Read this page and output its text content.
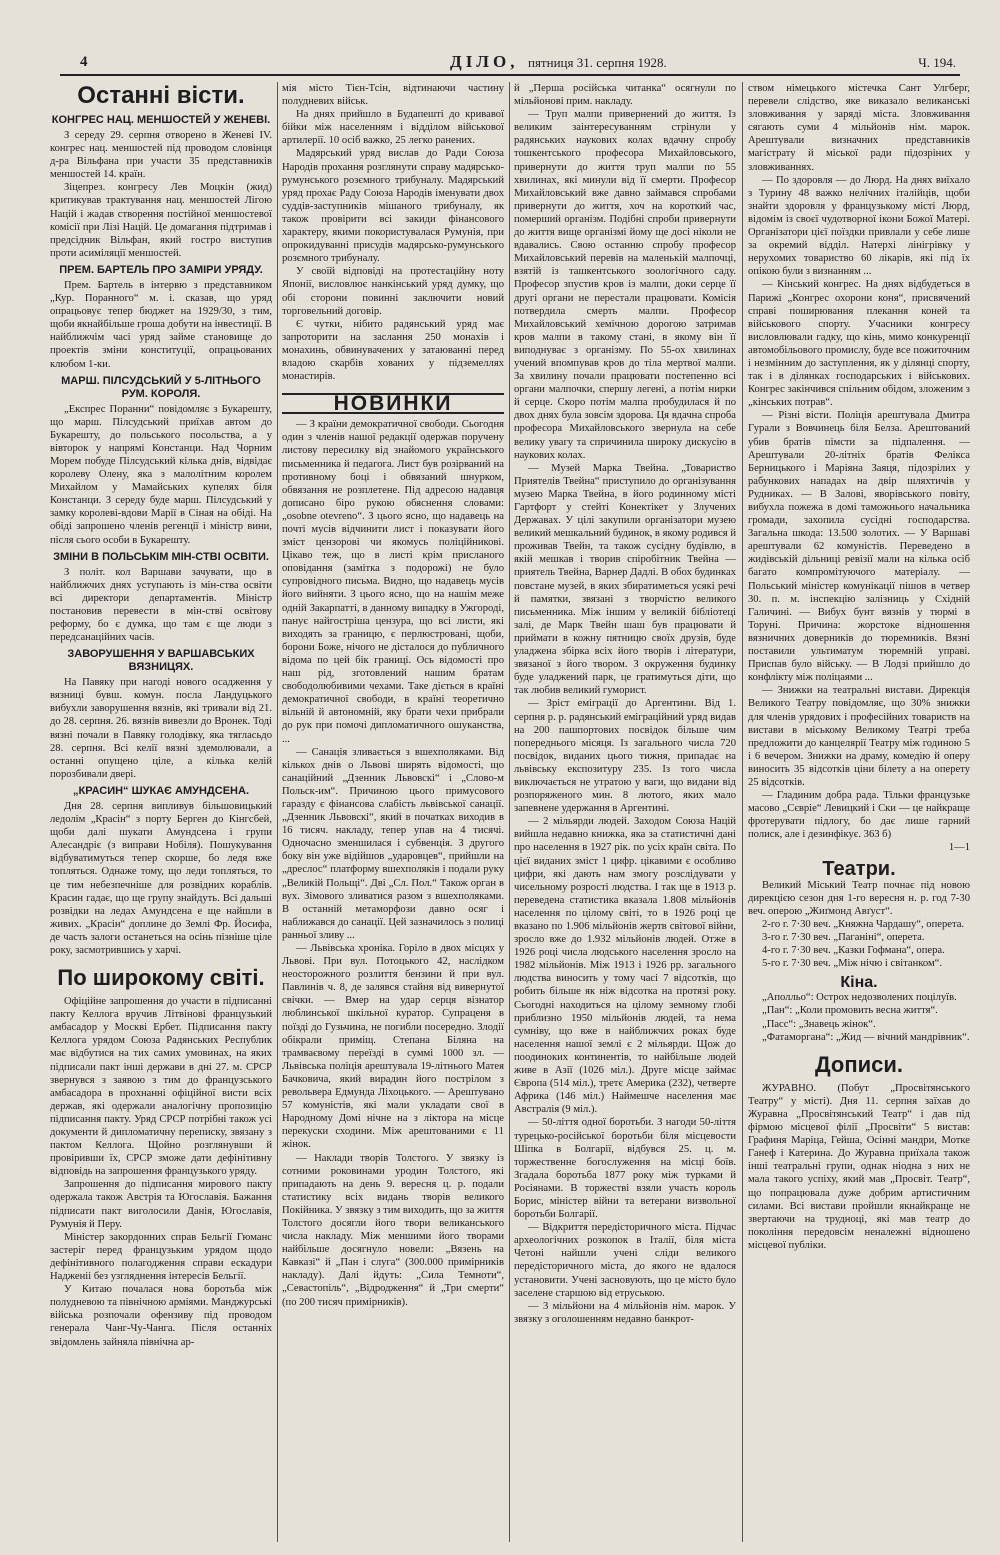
4	ДІЛО, пятниця 31. серпня 1928.	Ч. 194.
Останні вісти.
КОНГРЕС НАЦ. МЕНШОСТЕЙ У ЖЕНЕВІ.

З середу 29. серпня отворено в Женеві IV. конгрес нац. меншостей під проводом словінця д-ра Вільфана при участи 35 представників меншостей 14. країн.

Зіцепрез. конгресу Лев Моцкін (жид) критикував трактування нац. меншостей Лігою Націй і жадав створення постійної меншостевої комісії при Лізі Націй. Це домагання підтримав і предсідник Вільфан, який гостро виступив проти асиміляції меншостей.

ПРЕМ. БАРТЕЛЬ ПРО ЗАМІРИ УРЯДУ.

Прем. Бартель в інтервю з представником „Кур. Поранного“ м. і. сказав, що уряд опрацьовує тепер бюджет на 1929/30, з тим, щоби якнайбільше гроша добути на інвестиції. В найближчім часі уряд займе становище до проектів зміни конституції, опрацьованих клюбом 1-ки.

МАРШ. ПІЛСУДСЬКИЙ У 5-ЛІТНЬОГО РУМ. КОРОЛЯ.

„Експрес Поранни“ повідомляє з Букарешту, що марш. Пілсудський приїхав автом до Букарешту, до польського посольства, а у вівторок у напрямі Констанци. Над Чорним Морем побуде Пілсудський кілька днів, відвідає королеву Олену, яка з малолітним королем Михайлом у Мамайських купелях біля Констанци. З середу буде марш. Пілсудський у замку королеві-вдови Марії в Сіная на обіді. На обіді запрошено членів регенції і міністр вини, після сього особи в Букарешту.

ЗМІНИ В ПОЛЬСЬКІМ МІН-СТВІ ОСВІТИ.

З політ. кол Варшави зачувати, що в найближчих днях уступають із мін-ства освіти всі директори департаментів. Міністр постановив перевести в мін-стві освітову реформу, бо є думка, що там є ще люди з передсанаційних часів.

ЗАВОРУШЕННЯ У ВАРШАВСЬКИХ ВЯЗНИЦЯХ.

На Павяку при нагоді нового осадження у вязниці бувш. комун. посла Ландуцького вибухли заворушення вязнів, які тривали від 21. до 28. серпня. 26. вязнів вивезли до Вронек. Тоді вязні почали в Павяку голодівку, яка тягласьдо 28. серпня. Всі келії вязні здемолювали, а останні опущено ціле, а кілька келій порозбивали двері.

„КРАСИН“ ШУКАЄ АМУНДСЕНА.

Дня 28. серпня випливув більшовицький ледолім „Красін“ з порту Берген до Кінгсбей, щоби далі шукати Амундсена і групи Алесандріє (з виправи Нобіля). Пошукування відбуватимуться тепер скорше, бо ледя вже топляться. Однаже тому, що леди топляться, то це тим небезпечніше для розвідних кораблів. Красин гадає, що ще групу знайдуть. Всі дальші розвідки на ледах Амундсена е ще найшли в живих. „Красін“ доплине до Землі Фр. Йосифа, де часть залоги останеться на осінь пізніше ціле року, засмотрившись у харчі.

По широкому світі.

Офіційне запрошення до участи в підписанні пакту Келлога вручив Літвінові французький амбасадор у Москві Ербет. Підписання пакту Келлога урядом Союза Радянських Республик має відбутися на тих самих умовинах, на яких підписали пакт інші держави в дні 27. м. СРСР звернувся з заявою з тим до французського амбасадора в прохнанні офіційної висти всіх держав, які одержали аналогічну пропозицію підписання пакту. Уряд СРСР потрібні також усі документи й дипломатичну переписку, звязану з пактом Келлога. Щойно розглянувши й провіривши їх, СРСР зможе дати дефінітивну відповідь на запрошення французького уряду.

Запрошення до підписання мирового пакту одержала також Австрія та Югославія. Бажання підписати пакт виголосили Данія, Югославія, Румунія й Перу.

Міністер закордонних справ Бельгії Гюманс застеріг перед французьким урядом щодо дефінітивного полагодження справи ескадури Надженіі без узгляднення інтересів Бельгії.

У Китаю почалася нова боротьба між полудневою та північною арміями. Манджурські війська розпочали офензиву під проводом генерала Чанг-Чу-Чанга. Після останніх звідомлень зайняла північна ар-

мія місто Тієн-Тсін, відтинаючи частину полудневих військ.

На днях прийшло в Будапешті до кривавої бійки між населенням і відділом військової артилерії. 10 осіб важко, 25 легко ранених.

Мадярський уряд вислав до Ради Союза Народів прохання розглянути справу мадярсько-румунського розємного трибуналу. Мадярський уряд прохає Раду Союза Народів іменувати двох суддів-заступників мішаного трибуналу, як також провірити всі закиди фінансового характеру, якими покористувалася Румунія, при опрокидуванні присудів мадярсько-румунського розємного трибуналу.

У своїй відповіді на протестаційну ноту Японії, висловлює нанкінський уряд думку, що обі сторони повинні заключити новий торговельний договір.

Є чутки, нібито радянський уряд має запроторити на заслання 250 монахів і монахинь, обвинувачених у затаюванні перед владою скарбів хованих у підземеллях монастирів.

НОВИНКИ

— З країни демократичної свободи. Сьогодня один з членів нашої редакції одержав поручену листову пересилку від знайомого українського письменника й педагога. Лист був розірваний на противному боці і обвязаний шнурком, обвязання не розплетене. Під адресою надавця дописано біро рукою обяснення словами: „osobne otevrenо“. З цього ясно, що надавець на почті мусів відчинити лист і показувати його зміст цензорові чи якомусь поліційникові. Цікаво теж, що в листі крім присланого оповідання (замітка з подорожі) не було супровідного письма. Видно, що надавець мусів його вийняти. З цього ясно, що на нашім меже одній Закарпатті, в данному випадку в Ужгороді, панує найгостріша цензура, що всі листи, які виходять за границю, є перлюстровані, щоби, борони Боже, нічого не дісталося до публичного відома по цей бік границі. Ось відомості про наш рід, зготовлений нашим братам свободолюбивими чехами. Таке діється в країні демократичної свободи, в країні теоретично вільній й автономній, яку брати чехи прибрали до рук при помочі дипломатичного ошуканства, ...

— Санація зливається з вшехполяками. Від кількох днів о Львові ширять відомості, що санаційний „Дзенник Львовскі“ і „Слово-м Польск-им“. Причиною цього примусового гаразду є фінансова слабість львівської санації. „Дзенник Львовскі“, який в початках виходив в 16 тисяч. накладу, тепер упав на 4 тисячі. Одночасно зменшилася і субвенція. З другого боку він уже відійшов „ударовцев“, прийшли на „дреслос“ платформу вшехполяків і подали руку „Великій Польщі“. Дві „Сл. Пол.“ Також орган в вух. Зімового зливатися разом з вшехполяками. В останній метаморфози давно осяг і наближався до санації. Цей зазначилось з полиці ранньої зливу ...

— Львівська хроніка. Горіло в двох місцях у Львові. При вул. Потоцького 42, наслідком неосторожного розлиття бензини й при вул. Павлинів ч. 8, де залявся стайня від вивернутої свічки. — Вмер на удар серця візнатор люблинської шкільної куратор. Супраценя в поїзді до Гузьчина, не погибли посередно. Злодії обікрали приміщ. Степана Біляна на трамваєвому переїзді в суммі 1000 зл. — Львівська поліція арештувала 19-літнього Матея Бачковича, який вирадин його пострілом з револьвера Едмунда Ліхоцького. — Арештувано 57 комуністів, які мали укладати свої в Народному Домі нічне на з ліктора на місце перекуски сходини. Між арештованими є 11 жінок.

— Наклади творів Толстого. У звязку із сотними роковинами уродин Толстого, які припадають на день 9. вересня ц. р. подали статистику всіх видань творів великого Покійника. У звязку з тим виходить, що за життя Толстого досягли його твори великанського числа накладу. Між меншими його творами найбільше досягнуло новели: „Вязень на Кавказі“ й „Пан і слуга“ (300.000 примірників накладу). Далі йдуть: „Сила Темноти“, „Севастопіль“, „Відродження“ й „Три смерти“ (по 200 тисяч примірників).

й „Перша російська читанка“ осягнули по мільйонові прим. накладу.

— Труп малпи привернений до життя. Із великим заінтересуванням стрінули у радянських наукових колах вдачну спробу тошкентського професора Михайловського, привернути до життя труп малпи по 55 хвилинах, які минули від її смерти. Професор Михайловський вже давно займався спробами привернути до життя, хоч на короткий час, померший організм. Подібні спроби привернути до життя вище організмі йому ще досі ніколи не вдавались. Свою останню спробу професор Михайловський перевів на маленькій малпочці, взятій із ташкентського зоологічного саду. Професор зпустив кров із малпи, доки серце її другі органи не перестали працювати. Комісія потвердила смерть малпи. Професор Михайловський хемічною дорогою затримав кров малпи в такому стані, в якому він її виподнуває з організму. По 55-ох хвилинах учений впомпував кров до тіла мертвої малпи. За хвилину почали працювати постепенно всі органи малпочки, спершу легені, а потім нирки й серце. Скоро потім малпа пробудилася й по двох днях була зовсім здорова. Ця вдачна спроба професора Михайловського звернула на себе велику увагу та спричинила широку дискусію в наукових колах.

— Музей Марка Твейна. „Товариство Приятелів Твейна“ приступило до організування музею Марка Твейна, в його родинному місті Гартфорт у стейті Конектікет у Злучених Державах. У цілі закупили організатори музею великий мешкальний будинок, в якому родився й проживав Твейн, та також сусідну будівлю, в якій мешкав і творив спіробітник Твейна — приятель Твейна, Варнер Дадлі. В обох будинках повстане музей, в яких збиратиметься усякі речі й памятки, звязані з творчістю великого письменника. Між іншим у великій бібліотеці залі, де Марк Твейн шаш був працювати й приймати в кожну пятницю своїх друзів, буде уладжена збірка всіх його творів і літератури, звязаної з його твором. З окруження будинку буде уладжений парк, це гратимуться діти, що так любив великий гуморист.

— Зріст еміграції до Аргентини. Від 1. серпня р. р. радянський еміграційний уряд видав на 200 пашпортових посвідок більше чим попереднього місяця. Із загального числа 720 посвідок, виданих цього тижня, припадає на львівську експозитуру 235. Із того числа виключається не утратою у ваги, що видани від розпоряженого мин. 8 лютого, яких мало запевнене удержання в Аргентині.

— 2 мільярди людей. Заходом Союза Націй вийшла недавно книжка, яка за статистичні дані про населення в 1927 рік. по усіх країн світа. По цієї виданих зміст 1 цифр. цікавими є особливо цифри, які дають нам змогу розслідувати у чисельному розрості людства. І так ще в 1913 р. переведена статистика вказала 1.808 мільйонів населення по цілому світі, то в 1926 році це вказано по 1.906 мільйонів жертв світової війни, зросло вже до 1.932 мільйонів людей. Отже в 1926 році числа людського населення зросло на 1982 мільйонів. Між 1913 і 1926 рр. загального людства виносить у тому часі 7 відсотків, що робить більше як ніж відсотка на протязі року. Сьогодні находиться на цілому земному глобі приблизно 1950 мільйонів людей, та нема сумніву, що вже в найближчих роках буде населення нашої землі є 2 мільярди. Щож до поодиноких континентів, то найбільше людей живе в Азії (1026 міл.). Друге місце займає Європа (514 міл.), третє Америка (232), четверте Африка (146 міл.) Наймешче населення має Австралія (9 міл.).

— 50-ліття одної боротьби. З нагоди 50-ліття турецько-російської боротьби біля місцевости Шіпка в Болгарії, відбувся 25. ц. м. торжественне богослуження на місці боїв. Згадала боротьба 1877 року між турками й Росіянами. В торжестві взяли участь король Борис, міністер війни та ветерани визвольної боротьби Болгарії.

— Відкриття передісторичного міста. Підчас археологічних розкопок в Італії, біля міста Четоні найшли учені сліди великого передісторичного міста, до якого не вдалося установити. Учені засновують, що це місто було заселене старшою від етруською.

— 3 мільйони на 4 мільйонів нім. марок. У звязку з оголошенням недавно банкрот-

ством німецького містечка Сант Улгберг, перевели слідство, яке виказало великанські зловживання у заряді міста. Зловживання сягають суми 4 мільйонів нім. марок. Арештували визначних представників магістрату й міської ради підозріних у зловживаннях.

— По здоровля — до Люрд. На днях виїхало з Турину 48 важко нелічних італійців, щоби знайти здоровля у французькому місті Люрд, відомім із своєї чудотворної ікони Божої Матері. Організатори цієї поїздки привлали у себе лише за окремий відділ. Натерхі лінігрівку у нерухомих товариство 60 лікарів, які під їх опікою були з визнанням ...

— Кінський конгрес. На днях відбудеться в Парижі „Конгрес охорони коня“, присвячений справі поширювання плекання коней та військового спорту. Учасники конгресу висловлювали гадку, що кінь, мимо конкуренції автомобільового промислу, буде все пожиточним і незмінним до заступлення, як у ділянці спорту, так і в ділянках господарських і військових. Конгрес закінчився спільним обідом, зложеним з „кінських потрав“.

— Різні вісти. Поліція арештувала Дмитра Гурали з Вовчинець біля Белза. Арештований убив братів пімсти за підпалення. — Арештували 20-літніх братів Фелікса Берницького і Маріяна Заяця, підозрілих у рабункових нападах на двір шляхтичів у Рудниках. — В Залові, яворівського повіту, вибухла пожежа в домі таможнього начальника громади, захопила сусідні господарства. Загальна шкода: 13.500 золотих. — У Варшаві арештували 62 комуністів. Переведено в жидівській дільниці ревізії мали на кілька осіб багато компромітуючого матеріалу. — Польський міністер комунікації пішов в четвер 30. п. м. інспекцію залізниць у Східній Галичині. — Вибух бунт вязнів у тюрмі в Торуні. Причина: жорстоке відношення вязничних доверників до тюремників. Вязні поставили ультиматум тюремній управі. Приспав було війську. — В Лодзі прийшло до конфлікту між поліцаями ...

— Знижки на театральні вистави. Дирекція Великого Театру повідомляє, що 30% знижки для членів урядових і професійних товариств на вистави в міському Великому Театрі треба предложити до канцелярії Театру між годиною 5 і 6 вечером. Знижки на драму, комедію й оперу виносить 35 відсотків ціни білету а на оперету 25 відсотків.

— Гладиним добра рада. Тільки французьке масово „Сєвріе“ Левицкий і Ски — це найкраще фротерувати підлогу, бо дає лише гарний полиск, але і дезинфікує. 363 б)

1—1
Театри.

Великий Міський Театр почнає під новою дирекцією сезон дня 1-го вересня н. р. год 7-30 веч. оперою „Жиґмонд Авґуст“.

2-го г. 7·30 веч. „Княжна Чардашу“, оперета.

3-го г. 7·30 веч. „Паганіні“, оперета.

4-го г. 7·30 веч. „Казки Гофмана“, опера.

5-го г. 7·30 веч. „Між нічю і світанком“.

Кіна.

„Аполльо“: Острох недозволених поцілуїв.

„Пан“: „Коли промовить весна життя“.

„Пасс“: „Знавець жінок“.

„Фатаморгана“: „Жид — вічний мандрівник“.

Дописи.

ЖУРАВНО. (Побут „Просвітянського Театру“ у місті). Дня 11. серпня заїхав до Журавна „Просвітянський Театр“ і дав під фірмою місцевої філії „Просвіти“ 5 вистав: Графиня Маріца, Гейша, Осінні мандри, Мотке Ганеф і Катерина. До Журавна приїхала також інші театральні групи, однак ніодна з них не мала такого успіху, який мав „Просвіт. Театр“, що попрацювала дуже добрим артистичним силами. Всі вистави пройшли якнайкраще не звертаючи на трудноці, які мав театр до покоління передовсім неналежні відношено місцевої публіки.
